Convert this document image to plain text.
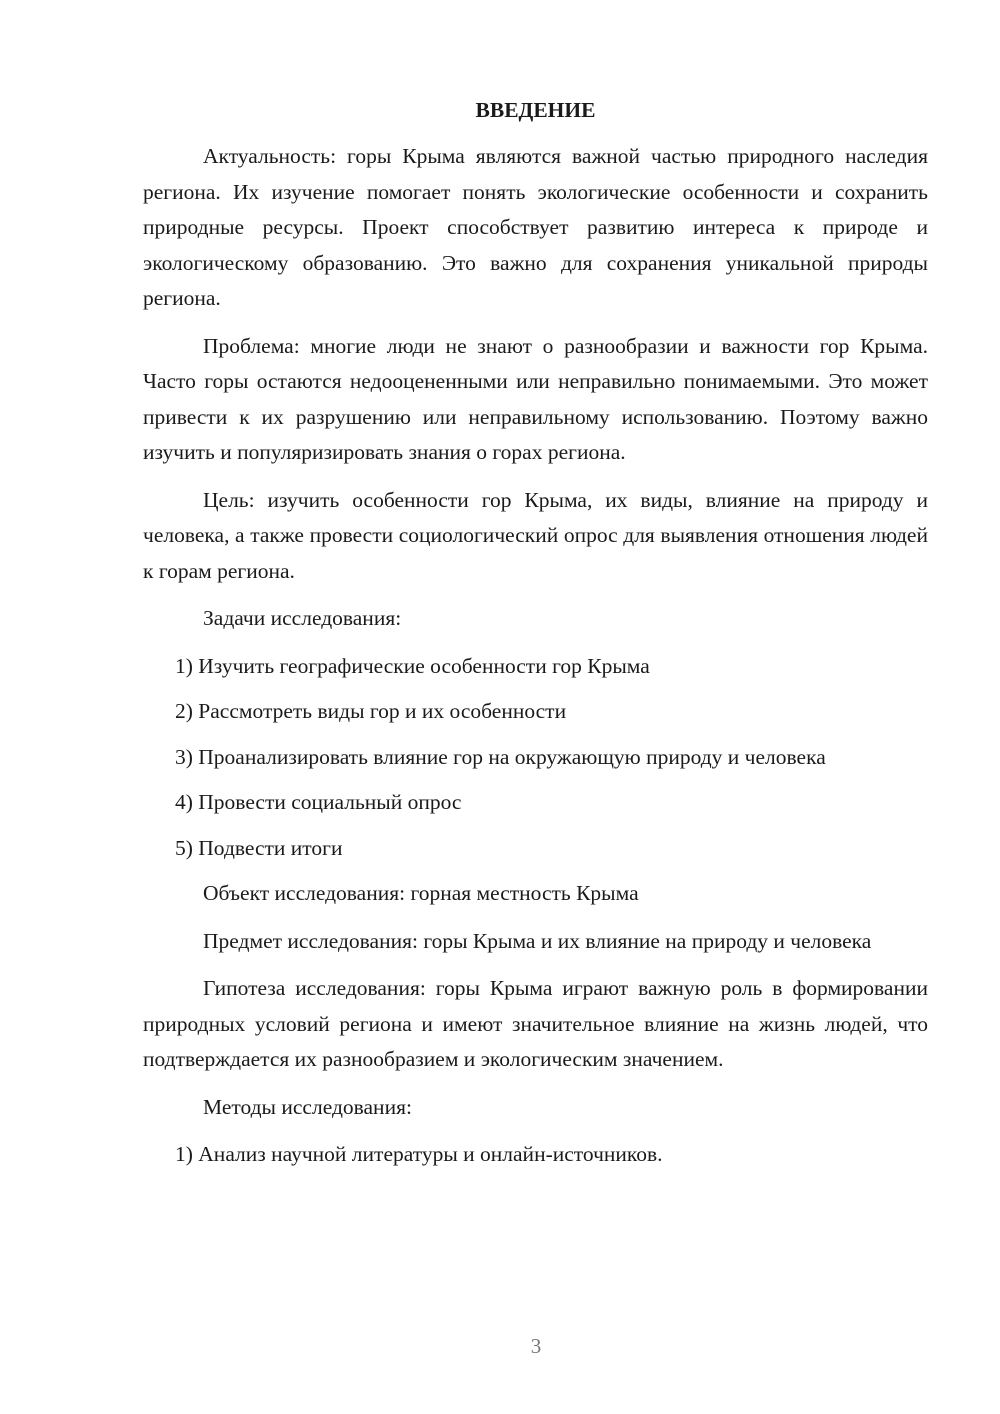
ВВЕДЕНИЕ

Актуальность: горы Крыма являются важной частью природного наследия региона. Их изучение помогает понять экологические особенности и сохранить природные ресурсы. Проект способствует развитию интереса к природе и экологическому образованию. Это важно для сохранения уникальной природы региона.

Проблема: многие люди не знают о разнообразии и важности гор Крыма. Часто горы остаются недооцененными или неправильно понимаемыми. Это может привести к их разрушению или неправильному использованию. Поэтому важно изучить и популяризировать знания о горах региона.

Цель: изучить особенности гор Крыма, их виды, влияние на природу и человека, а также провести социологический опрос для выявления отношения людей к горам региона.

Задачи исследования:

1) Изучить географические особенности гор Крыма

2) Рассмотреть виды гор и их особенности

3) Проанализировать влияние гор на окружающую природу и человека

4) Провести социальный опрос

5) Подвести итоги

Объект исследования: горная местность Крыма

Предмет исследования: горы Крыма и их влияние на природу и человека

Гипотеза исследования: горы Крыма играют важную роль в формировании природных условий региона и имеют значительное влияние на жизнь людей, что подтверждается их разнообразием и экологическим значением.

Методы исследования:

1) Анализ научной литературы и онлайн-источников.

3
